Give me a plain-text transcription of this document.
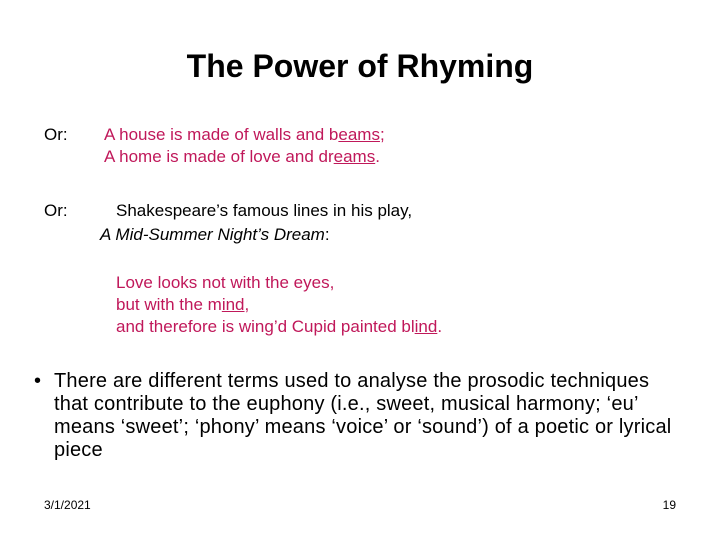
The Power of Rhyming
Or: A house is made of walls and beams;
A home is made of love and dreams.
Or:	Shakespeare’s famous lines in his play,
A Mid-Summer Night’s Dream:
Love looks not with the eyes,
but with the mind,
and therefore is wing’d Cupid painted blind.
• There are different terms used to analyse the prosodic techniques that contribute to the euphony (i.e., sweet, musical harmony; ‘eu’ means ‘sweet’; ‘phony’ means ‘voice’ or ‘sound’) of a poetic or lyrical piece
3/1/2021	19
